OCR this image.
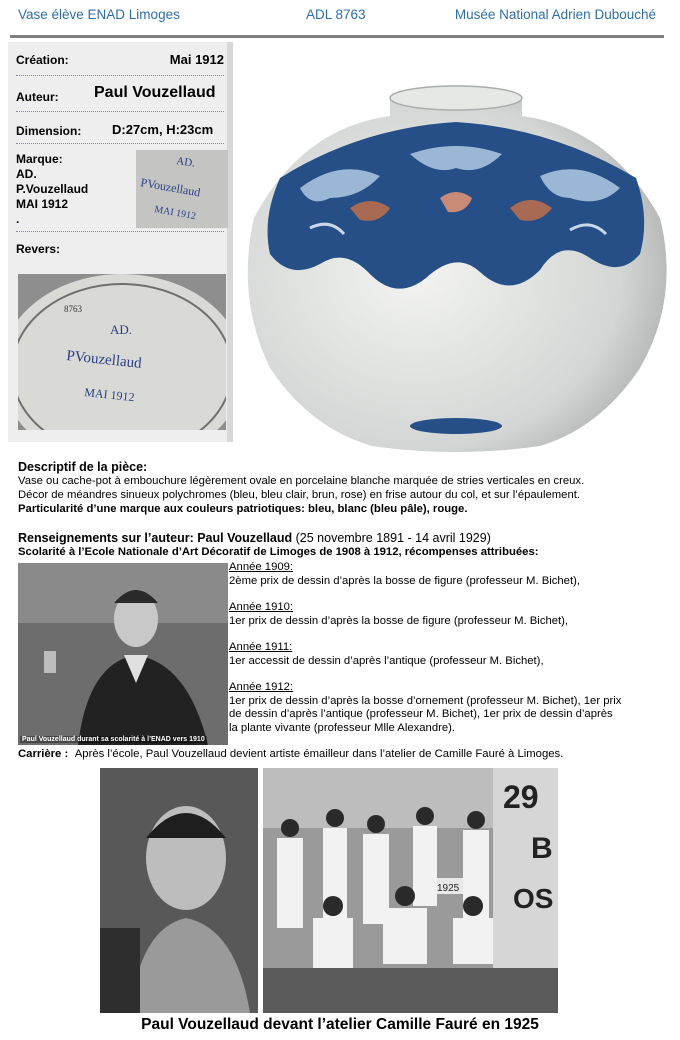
Vase élève ENAD Limoges	ADL 8763	Musée National Adrien Dubouché
Création:	Mai 1912
Auteur: Paul Vouzellaud
Dimension: D:27cm, H:23cm
Marque:
AD.
P.Vouzellaud
MAI 1912
.
AD.
PVouzellaud
MAI 1912
Revers:
8763
AD.
PVouzellaud
MAI 1912
Descriptif de la pièce:
Vase ou cache-pot à embouchure légèrement ovale en porcelaine blanche marquée de stries verticales en creux.
Décor de méandres sinueux polychromes (bleu, bleu clair, brun, rose) en frise autour du col, et sur l’épaulement.
Particularité d’une marque aux couleurs patriotiques: bleu, blanc (bleu pâle), rouge.
Renseignements sur l’auteur: Paul Vouzellaud (25 novembre 1891 - 14 avril 1929)
Scolarité à l’Ecole Nationale d’Art Décoratif de Limoges de 1908 à 1912, récompenses attribuées:
Paul Vouzellaud durant sa scolarité à l’ENAD vers 1910
Année 1909:
2ème prix de dessin d’après la bosse de figure (professeur M. Bichet),
Année 1910:
1er prix de dessin d’après la bosse de figure (professeur M. Bichet),
Année 1911:
1er accessit de dessin d’après l’antique (professeur M. Bichet),
Année 1912:
1er prix de dessin d’après la bosse d’ornement (professeur M. Bichet), 1er prix
de dessin d’après l’antique (professeur M. Bichet), 1er prix de dessin d’après
la plante vivante (professeur Mlle Alexandre).
Carrière : Après l’école, Paul Vouzellaud devient artiste émailleur dans l’atelier de Camille Fauré à Limoges.
29
B
OS
1925
Paul Vouzellaud devant l’atelier Camille Fauré en 1925
